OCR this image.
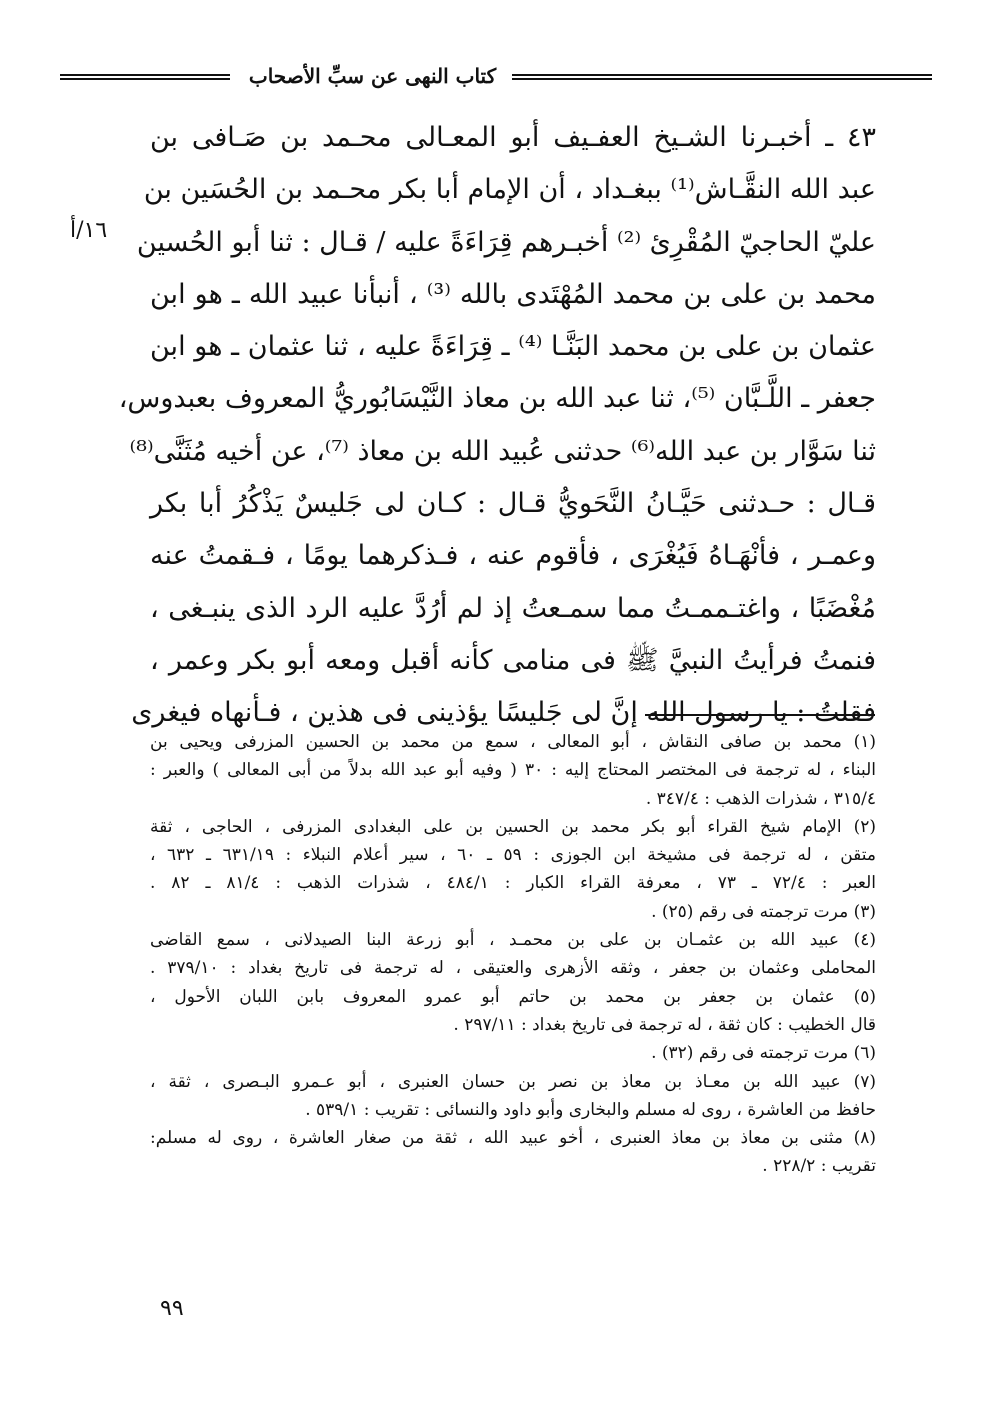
كتاب النهى عن سبِّ الأصحاب
١٦/أ
٤٣ ـ أخبـرنا الشـيخ العفـيف أبو المعـالى محـمد بن صَـافى بن
عبد الله النقَّـاش⁽¹⁾ ببغـداد ، أن الإمام أبا بكر محـمد بن الحُسَين بن
عليّ الحاجيّ المُقْرِئ ⁽²⁾ أخبـرهم قِرَاءَةً عليه / قـال : ثنا أبو الحُسين
محمد بن على بن محمد المُهْتَدى بالله ⁽³⁾ ، أنبأنا عبيد الله ـ هو ابن
عثمان بن على بن محمد البَنَّـا ⁽⁴⁾ ـ قِرَاءَةً عليه ، ثنا عثمان ـ هو ابن
جعفر ـ اللَّـبَّان ⁽⁵⁾، ثنا عبد الله بن معاذ النَّيْسَابُوريُّ المعروف بعبدوس،
ثنا سَوَّار بن عبد الله⁽⁶⁾ حدثنى عُبيد الله بن معاذ ⁽⁷⁾، عن أخيه مُثَنَّى⁽⁸⁾
قـال : حـدثنى حَيَّـانُ النَّحَويُّ قـال : كـان لى جَليسٌ يَذْكُرُ أبا بكر
وعمـر ، فأنْهَـاهُ فَيُغْرَى ، فأقوم عنه ، فـذكرهما يومًا ، فـقمتُ عنه
مُغْضَبًا ، واغتـممـتُ مما سمـعتُ إذ لم أرُدَّ عليه الرد الذى ينبـغى ،
فنمتُ فرأيتُ النبيَّ ﷺ فى منامى كأنه أقبل ومعه أبو بكر وعمر ،
فقلتُ : يا رسول الله إنَّ لى جَليسًا يؤذينى فى هذين ، فـأنهاه فيغرى
(١) محمد بن صافى النقاش ، أبو المعالى ، سمع من محمد بن الحسين المزرفى ويحيى بن
البناء ، له ترجمة فى المختصر المحتاج إليه : ٣٠ ( وفيه أبو عبد الله بدلاً من أبى المعالى ) والعبر :
٣١٥/٤ ، شذرات الذهب : ٣٤٧/٤ .
(٢) الإمام شيخ القراء أبو بكر محمد بن الحسين بن على البغدادى المزرفى ، الحاجى ، ثقة
متقن ، له ترجمة فى مشيخة ابن الجوزى : ٥٩ ـ ٦٠ ، سير أعلام النبلاء : ٦٣١/١٩ ـ ٦٣٢ ،
العبر : ٧٢/٤ ـ ٧٣ ، معرفة القراء الكبار : ٤٨٤/١ ، شذرات الذهب : ٨١/٤ ـ ٨٢ .
(٣) مرت ترجمته فى رقم (٢٥) .
(٤) عبيد الله بن عثمـان بن على بن محمـد ، أبو زرعة البنا الصيدلانى ، سمع القاضى
المحاملى وعثمان بن جعفر ، وثقه الأزهرى والعتيقى ، له ترجمة فى تاريخ بغداد : ٣٧٩/١٠ .
(٥) عثمان بن جعفر بن محمد بن حاتم أبو عمرو المعروف بابن اللبان الأحول ،
قال الخطيب : كان ثقة ، له ترجمة فى تاريخ بغداد : ٢٩٧/١١ .
(٦) مرت ترجمته فى رقم (٣٢) .
(٧) عبيد الله بن معـاذ بن معاذ بن نصر بن حسان العنبرى ، أبو عـمرو البـصرى ، ثقة ،
حافظ من العاشرة ، روى له مسلم والبخارى وأبو داود والنسائى : تقريب : ٥٣٩/١ .
(٨) مثنى بن معاذ بن معاذ العنبرى ، أخو عبيد الله ، ثقة من صغار العاشرة ، روى له مسلم:
تقريب : ٢٢٨/٢ .
٩٩
